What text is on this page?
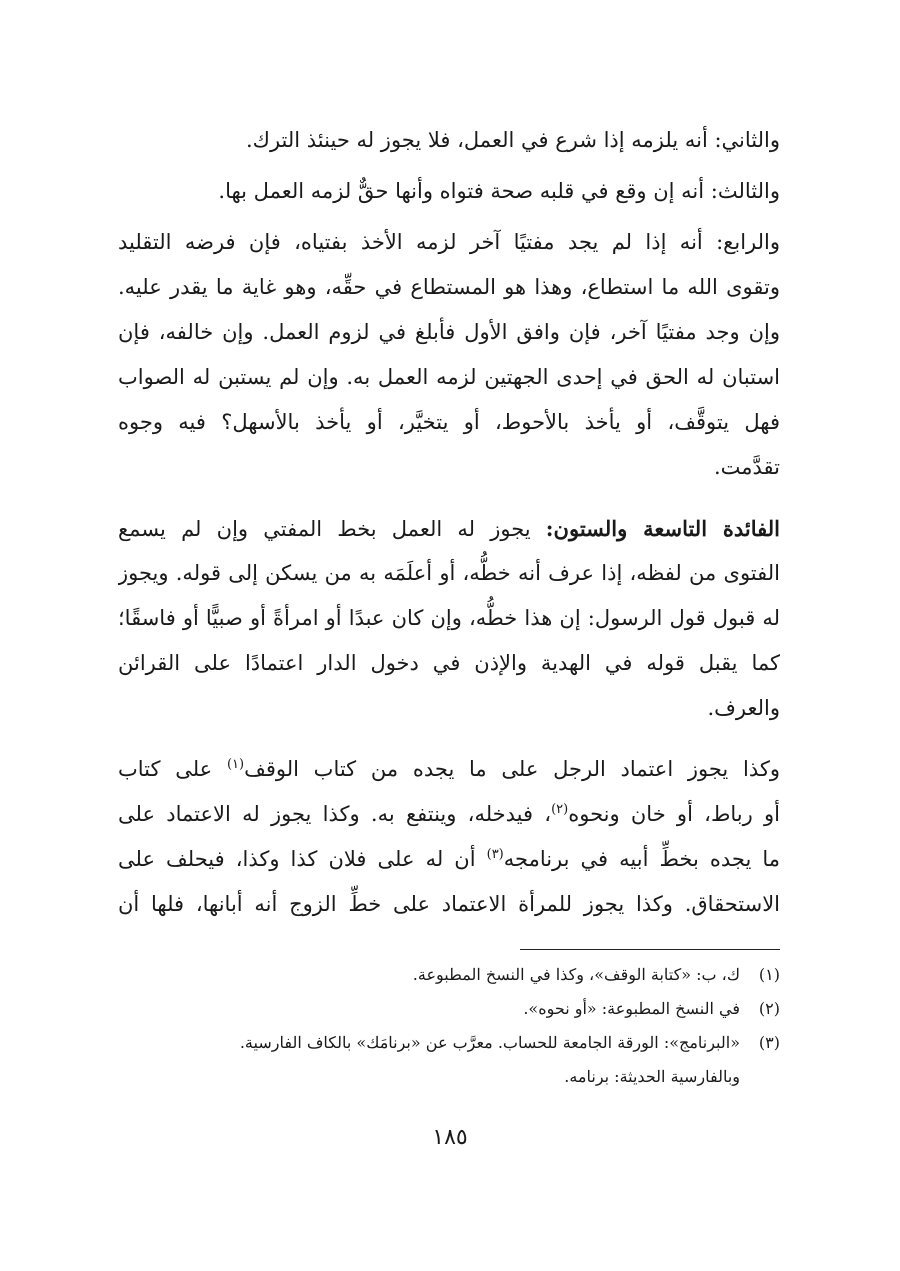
والثاني: أنه يلزمه إذا شرع في العمل، فلا يجوز له حينئذ الترك.
والثالث: أنه إن وقع في قلبه صحة فتواه وأنها حقٌّ لزمه العمل بها.
والرابع: أنه إذا لم يجد مفتيًا آخر لزمه الأخذ بفتياه، فإن فرضه التقليد
وتقوى الله ما استطاع، وهذا هو المستطاع في حقِّه، وهو غاية ما يقدر عليه.
وإن وجد مفتيًا آخر، فإن وافق الأول فأبلغ في لزوم العمل. وإن خالفه، فإن
استبان له الحق في إحدى الجهتين لزمه العمل به. وإن لم يستبن له الصواب
فهل يتوقَّف، أو يأخذ بالأحوط، أو يتخيَّر، أو يأخذ بالأسهل؟ فيه وجوه
تقدَّمت.
الفائدة التاسعة والستون: يجوز له العمل بخط المفتي وإن لم يسمع
الفتوى من لفظه، إذا عرف أنه خطُّه، أو أعلَمَه به من يسكن إلى قوله. ويجوز
له قبول قول الرسول: إن هذا خطُّه، وإن كان عبدًا أو امرأةً أو صبيًّا أو فاسقًا؛
كما يقبل قوله في الهدية والإذن في دخول الدار اعتمادًا على القرائن
والعرف.
وكذا يجوز اعتماد الرجل على ما يجده من كتاب الوقف$^{(١)}$ على كتاب
أو رباط، أو خان ونحوه$^{(٢)}$، فيدخله، وينتفع به. وكذا يجوز له الاعتماد على
ما يجده بخطِّ أبيه في برنامجه$^{(٣)}$ أن له على فلان كذا وكذا، فيحلف على
الاستحقاق. وكذا يجوز للمرأة الاعتماد على خطِّ الزوج أنه أبانها، فلها أن
(١)ك، ب: «كتابة الوقف»، وكذا في النسخ المطبوعة.
(٢)في النسخ المطبوعة: «أو نحوه».
(٣)«البرنامج»: الورقة الجامعة للحساب. معرَّب عن «برنامَك» بالكاف الفارسية.
وبالفارسية الحديثة: برنامه.
١٨٥
